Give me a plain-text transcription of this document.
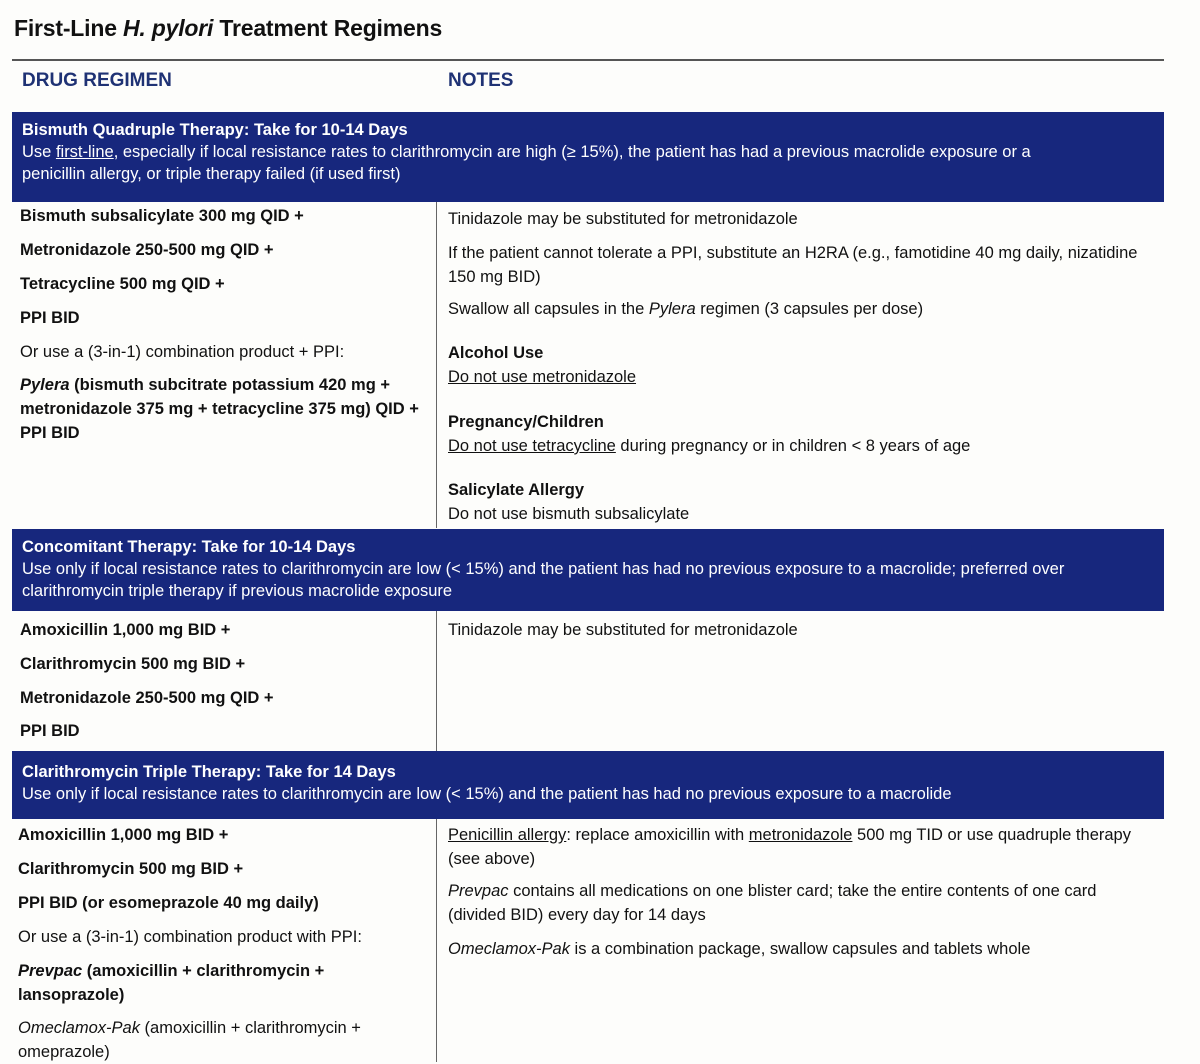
First-Line H. pylori Treatment Regimens
DRUG REGIMEN	NOTES
Bismuth Quadruple Therapy: Take for 10-14 Days
Use first-line, especially if local resistance rates to clarithromycin are high (≥ 15%), the patient has had a previous macrolide exposure or a
penicillin allergy, or triple therapy failed (if used first)
Bismuth subsalicylate 300 mg QID +
Metronidazole 250-500 mg QID +
Tetracycline 500 mg QID +
PPI BID
Or use a (3-in-1) combination product + PPI:
Pylera (bismuth subcitrate potassium 420 mg + metronidazole 375 mg + tetracycline 375 mg) QID + PPI BID
Tinidazole may be substituted for metronidazole
If the patient cannot tolerate a PPI, substitute an H2RA (e.g., famotidine 40 mg daily, nizatidine 150 mg BID)
Swallow all capsules in the Pylera regimen (3 capsules per dose)
Alcohol Use
Do not use metronidazole
Pregnancy/Children
Do not use tetracycline during pregnancy or in children < 8 years of age
Salicylate Allergy
Do not use bismuth subsalicylate
Concomitant Therapy: Take for 10-14 Days
Use only if local resistance rates to clarithromycin are low (< 15%) and the patient has had no previous exposure to a macrolide; preferred over
clarithromycin triple therapy if previous macrolide exposure
Amoxicillin 1,000 mg BID +
Clarithromycin 500 mg BID +
Metronidazole 250-500 mg QID +
PPI BID
Tinidazole may be substituted for metronidazole
Clarithromycin Triple Therapy: Take for 14 Days
Use only if local resistance rates to clarithromycin are low (< 15%) and the patient has had no previous exposure to a macrolide
Amoxicillin 1,000 mg BID +
Clarithromycin 500 mg BID +
PPI BID (or esomeprazole 40 mg daily)
Or use a (3-in-1) combination product with PPI:
Prevpac (amoxicillin + clarithromycin + lansoprazole)
Omeclamox-Pak (amoxicillin + clarithromycin + omeprazole)
Penicillin allergy: replace amoxicillin with metronidazole 500 mg TID or use quadruple therapy (see above)
Prevpac contains all medications on one blister card; take the entire contents of one card (divided BID) every day for 14 days
Omeclamox-Pak is a combination package, swallow capsules and tablets whole
